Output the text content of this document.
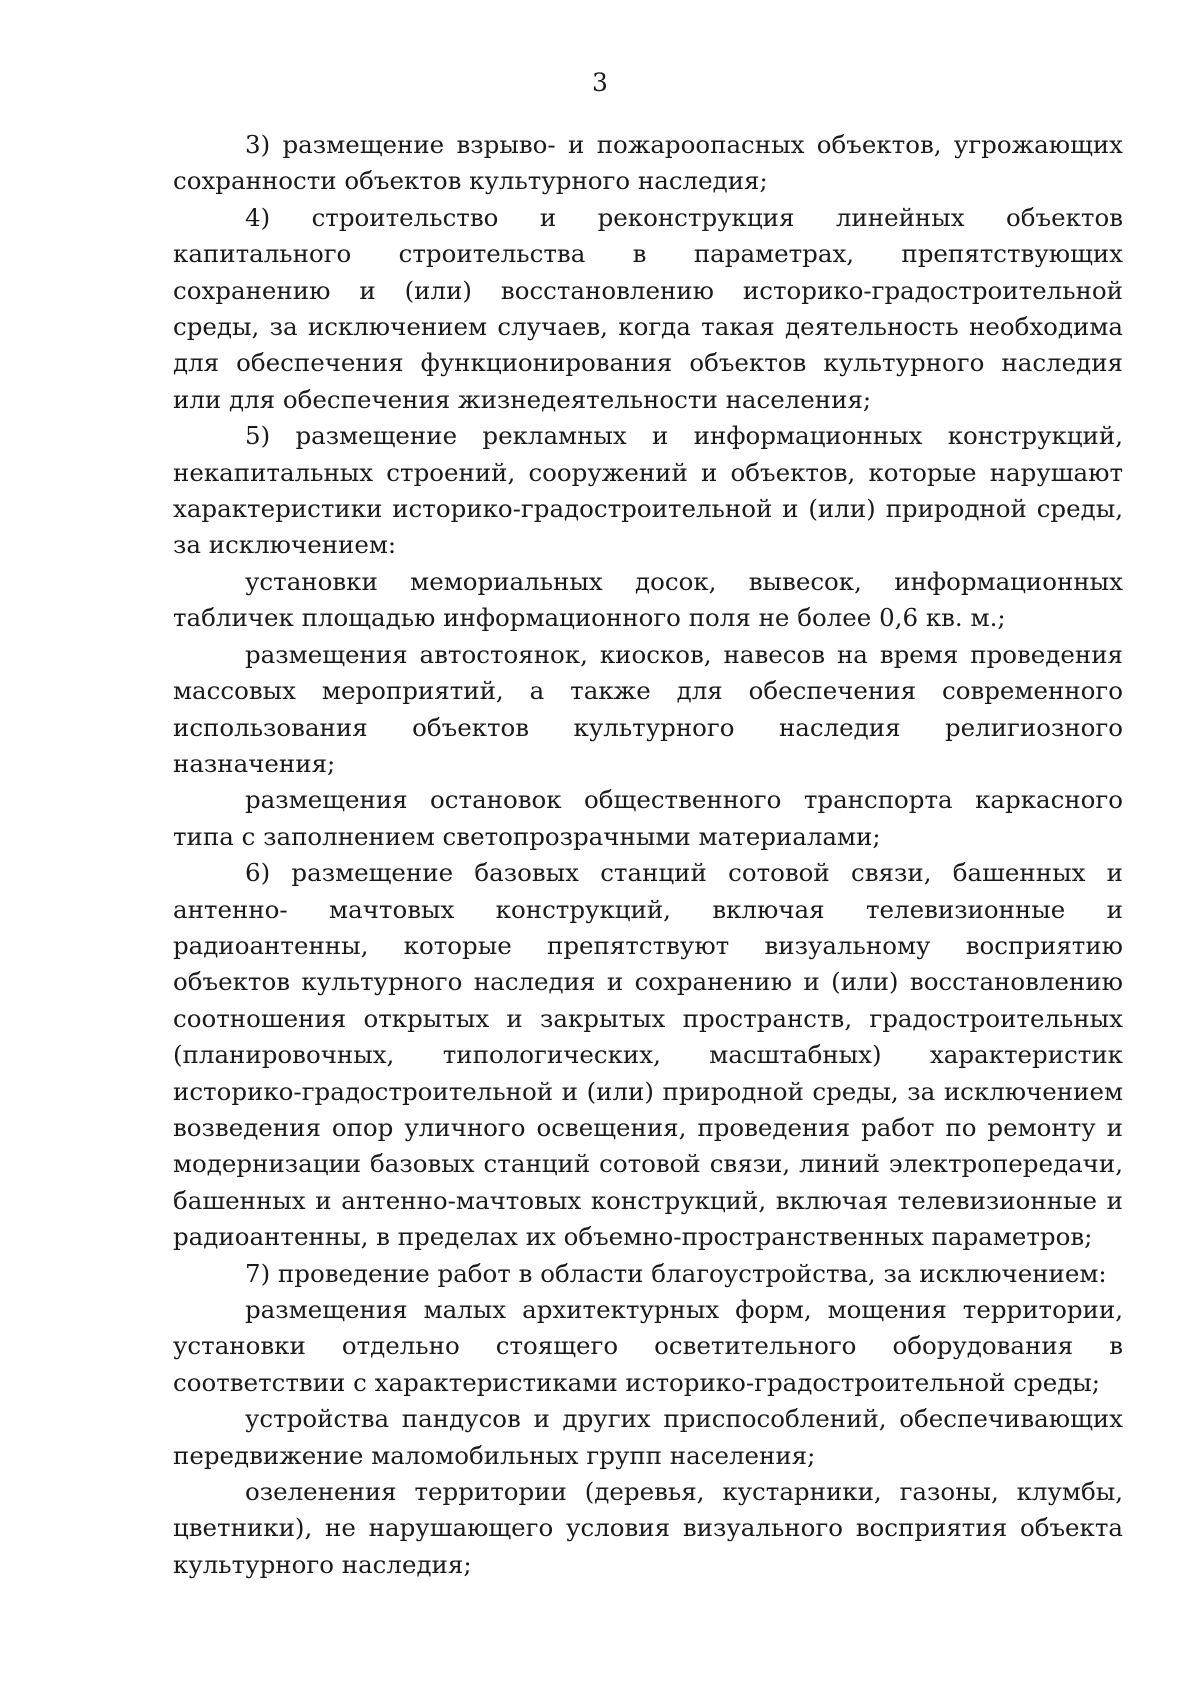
3

3) размещение взрыво- и пожароопасных объектов, угрожающих сохранности объектов культурного наследия;

4) строительство и реконструкция линейных объектов капитального строительства в параметрах, препятствующих сохранению и (или) восстановлению историко-градостроительной среды, за исключением случаев, когда такая деятельность необходима для обеспечения функционирования объектов культурного наследия или для обеспечения жизнедеятельности населения;

5) размещение рекламных и информационных конструкций, некапитальных строений, сооружений и объектов, которые нарушают характеристики историко-градостроительной и (или) природной среды, за исключением:

установки мемориальных досок, вывесок, информационных табличек площадью информационного поля не более 0,6 кв. м.;

размещения автостоянок, киосков, навесов на время проведения массовых мероприятий, а также для обеспечения современного использования объектов культурного наследия религиозного назначения;

размещения остановок общественного транспорта каркасного типа с заполнением светопрозрачными материалами;

6) размещение базовых станций сотовой связи, башенных и антенно- мачтовых конструкций, включая телевизионные и радиоантенны, которые препятствуют визуальному восприятию объектов культурного наследия и сохранению и (или) восстановлению соотношения открытых и закрытых пространств, градостроительных (планировочных, типологических, масштабных) характеристик историко-градостроительной и (или) природной среды, за исключением возведения опор уличного освещения, проведения работ по ремонту и модернизации базовых станций сотовой связи, линий электропередачи, башенных и антенно-мачтовых конструкций, включая телевизионные и радиоантенны, в пределах их объемно-пространственных параметров;

7) проведение работ в области благоустройства, за исключением:

размещения малых архитектурных форм, мощения территории, установки отдельно стоящего осветительного оборудования в соответствии с характеристиками историко-градостроительной среды;

устройства пандусов и других приспособлений, обеспечивающих передвижение маломобильных групп населения;

озеленения территории (деревья, кустарники, газоны, клумбы, цветники), не нарушающего условия визуального восприятия объекта культурного наследия;
